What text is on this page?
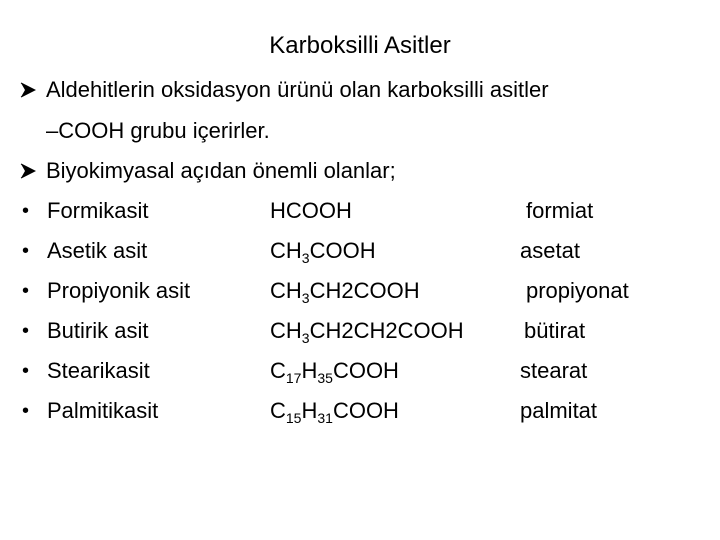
Karboksilli Asitler
Aldehitlerin oksidasyon ürünü olan karboksilli asitler
–COOH grubu içerirler.
Biyokimyasal açıdan önemli olanlar;
• Formikasit	HCOOH	formiat
• Asetik asit	$CH_3COOH$	asetat
• Propiyonik asit	$CH_3CH2COOH$	propiyonat
• Butirik asit	$CH_3CH2CH2COOH$	bütirat
• Stearikasit	$C_{17}H_{35}COOH$	stearat
• Palmitikasit	$C_{15}H_{31}COOH$	palmitat
